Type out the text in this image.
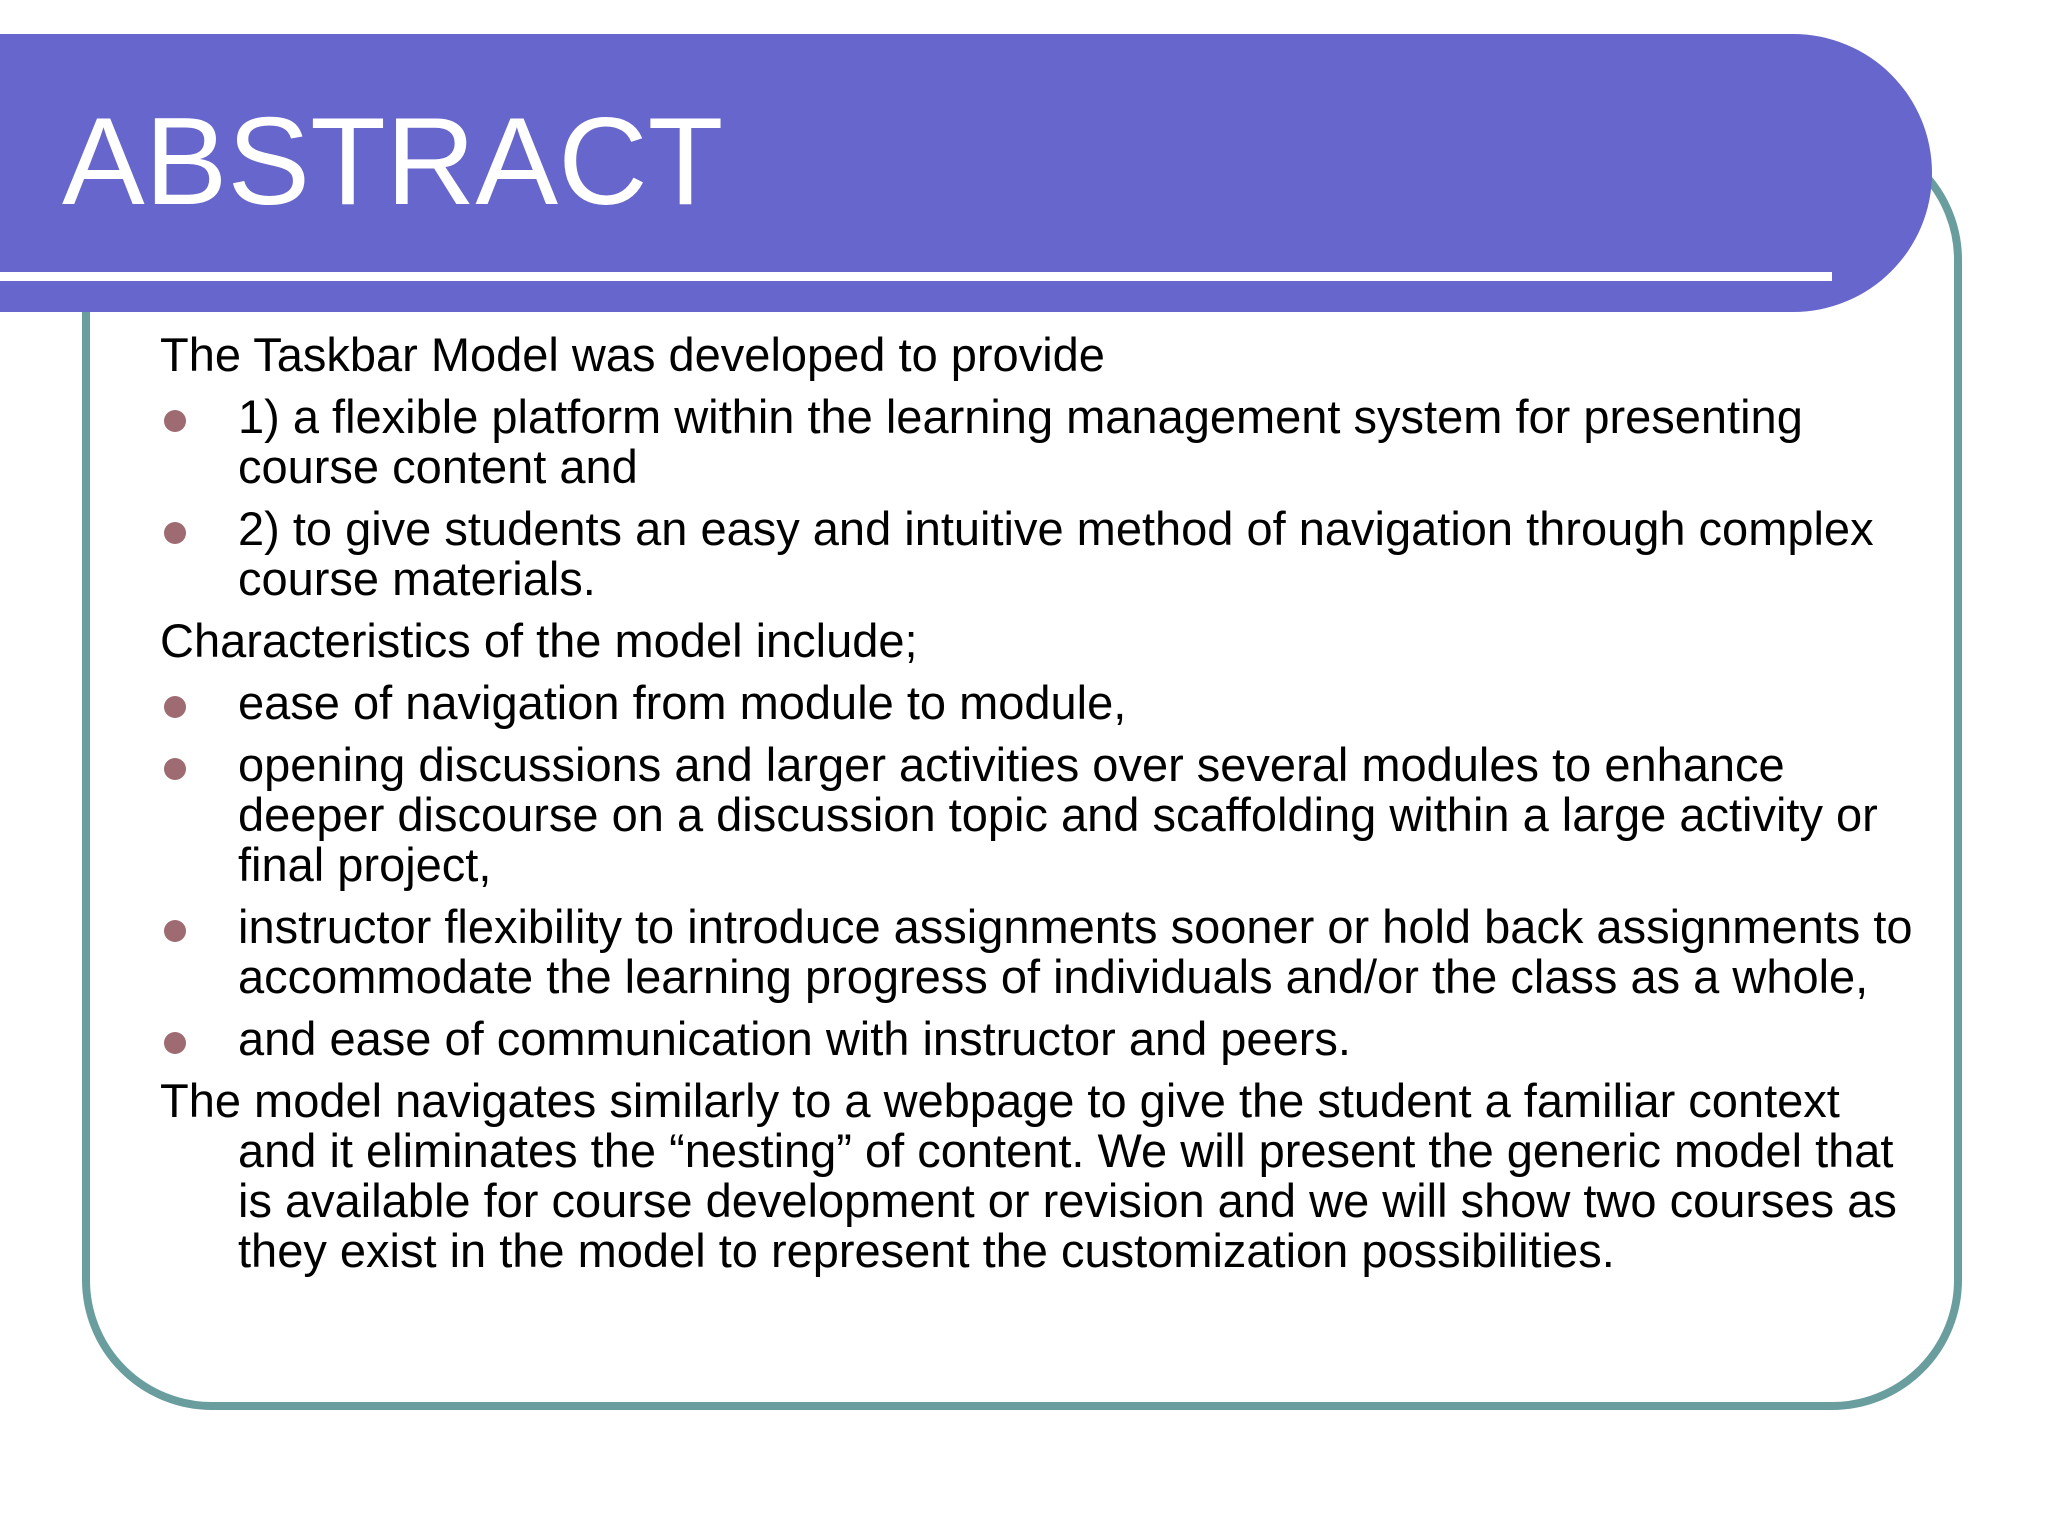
ABSTRACT

The Taskbar Model was developed to provide

1) a flexible platform within the learning management system for presenting course content and
2) to give students an easy and intuitive method of navigation through complex course materials.

Characteristics of the model include;

ease of navigation from module to module,
opening discussions and larger activities over several modules to enhance deeper discourse on a discussion topic and scaffolding within a large activity or final project,
instructor flexibility to introduce assignments sooner or hold back assignments to accommodate the learning progress of individuals and/or the class as a whole,
and ease of communication with instructor and peers.

The model navigates similarly to a webpage to give the student a familiar context and it eliminates the “nesting” of content. We will present the generic model that is available for course development or revision and we will show two courses as they exist in the model to represent the customization possibilities.
